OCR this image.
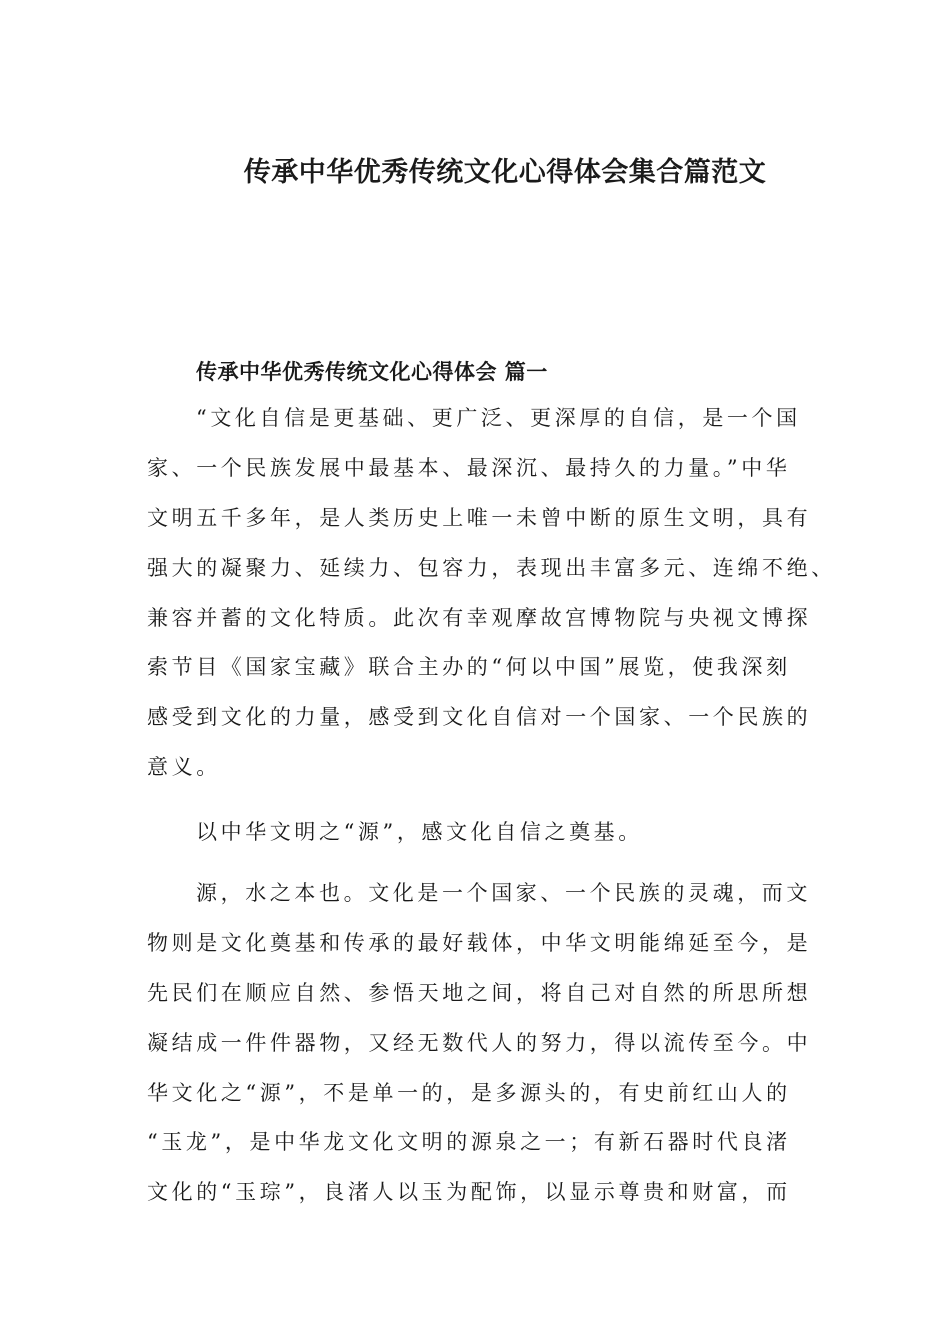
传承中华优秀传统文化心得体会集合篇范文
传承中华优秀传统文化心得体会 篇一
“文化自信是更基础、更广泛、更深厚的自信，是一个国
家、一个民族发展中最基本、最深沉、最持久的力量。”中华
文明五千多年，是人类历史上唯一未曾中断的原生文明，具有
强大的凝聚力、延续力、包容力，表现出丰富多元、连绵不绝、
兼容并蓄的文化特质。此次有幸观摩故宫博物院与央视文博探
索节目《国家宝藏》联合主办的“何以中国”展览，使我深刻
感受到文化的力量，感受到文化自信对一个国家、一个民族的
意义。
以中华文明之“源”，感文化自信之奠基。
源，水之本也。文化是一个国家、一个民族的灵魂，而文
物则是文化奠基和传承的最好载体，中华文明能绵延至今，是
先民们在顺应自然、参悟天地之间，将自己对自然的所思所想
凝结成一件件器物，又经无数代人的努力，得以流传至今。中
华文化之“源”，不是单一的，是多源头的，有史前红山人的
“玉龙”，是中华龙文化文明的源泉之一；有新石器时代良渚
文化的“玉琮”，良渚人以玉为配饰，以显示尊贵和财富，而
